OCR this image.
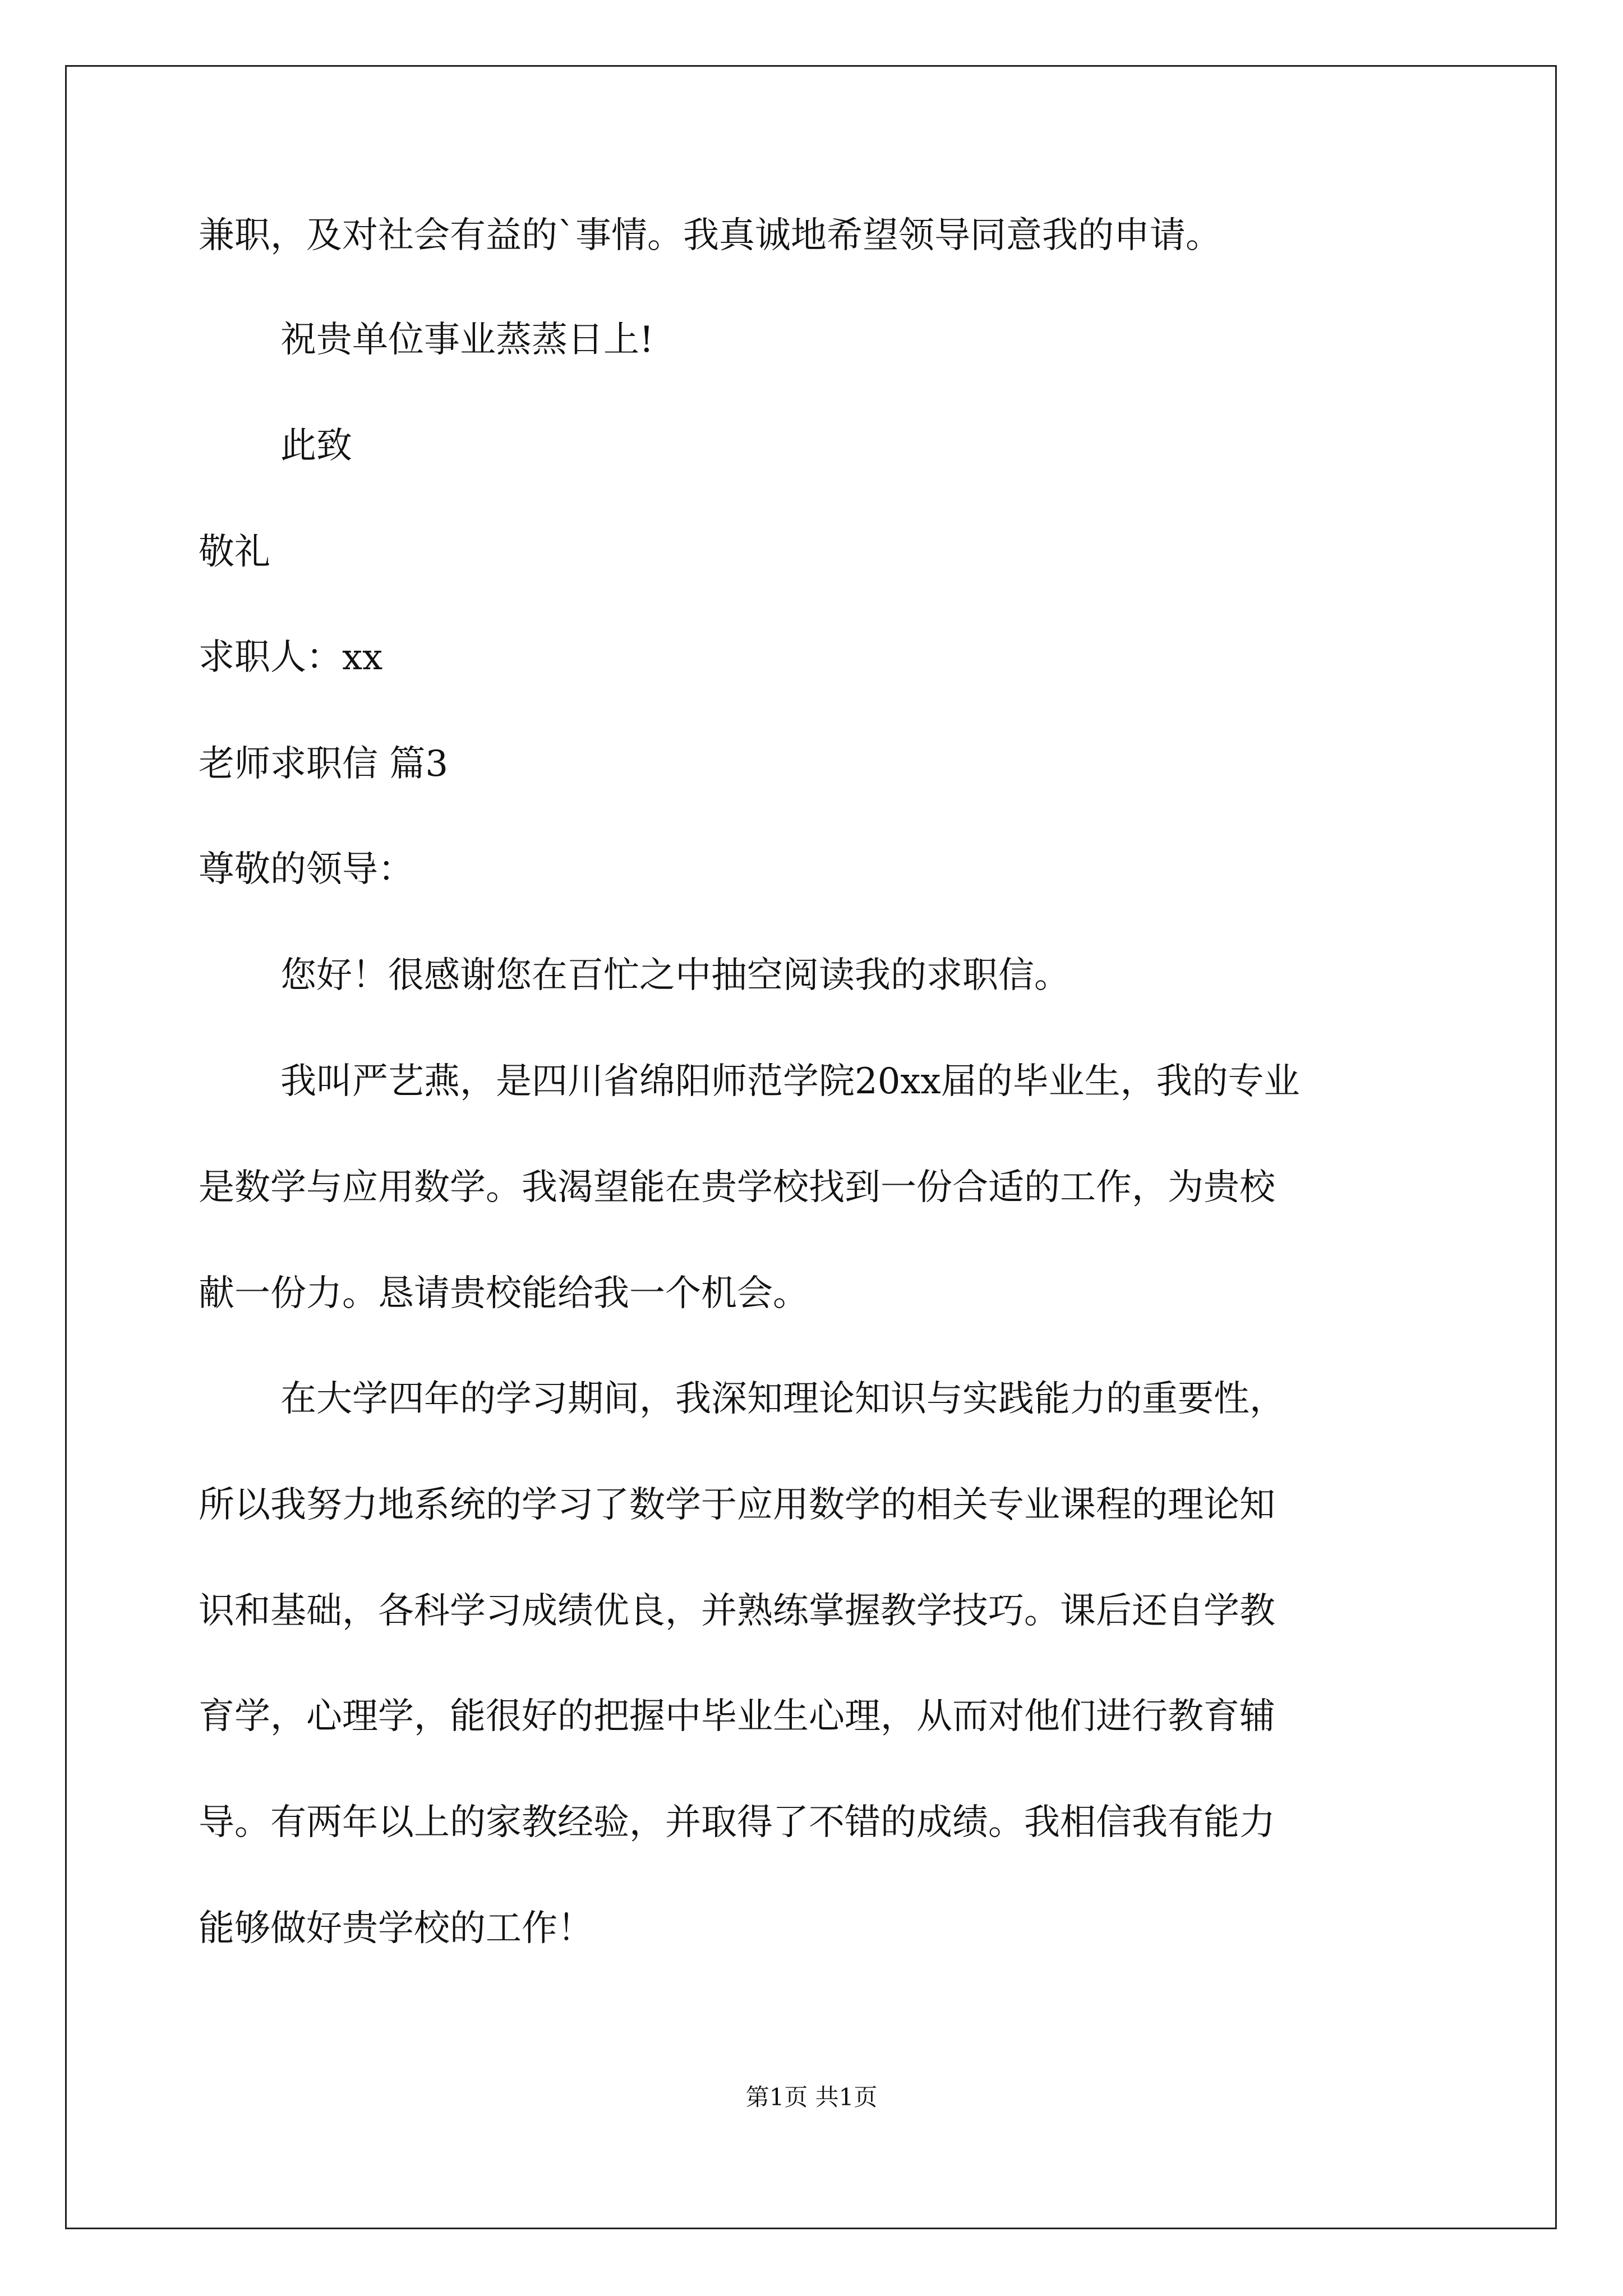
兼职，及对社会有益的`事情。我真诚地希望领导同意我的申请。
祝贵单位事业蒸蒸日上!
此致
敬礼
求职人：xx
老师求职信 篇3
尊敬的领导：
您好！很感谢您在百忙之中抽空阅读我的求职信。
我叫严艺燕，是四川省绵阳师范学院20xx届的毕业生，我的专业
是数学与应用数学。我渴望能在贵学校找到一份合适的工作，为贵校
献一份力。恳请贵校能给我一个机会。
在大学四年的学习期间，我深知理论知识与实践能力的重要性，
所以我努力地系统的学习了数学于应用数学的相关专业课程的理论知
识和基础，各科学习成绩优良，并熟练掌握教学技巧。课后还自学教
育学，心理学，能很好的把握中毕业生心理，从而对他们进行教育辅
导。有两年以上的家教经验，并取得了不错的成绩。我相信我有能力
能够做好贵学校的工作！
第1页 共1页
